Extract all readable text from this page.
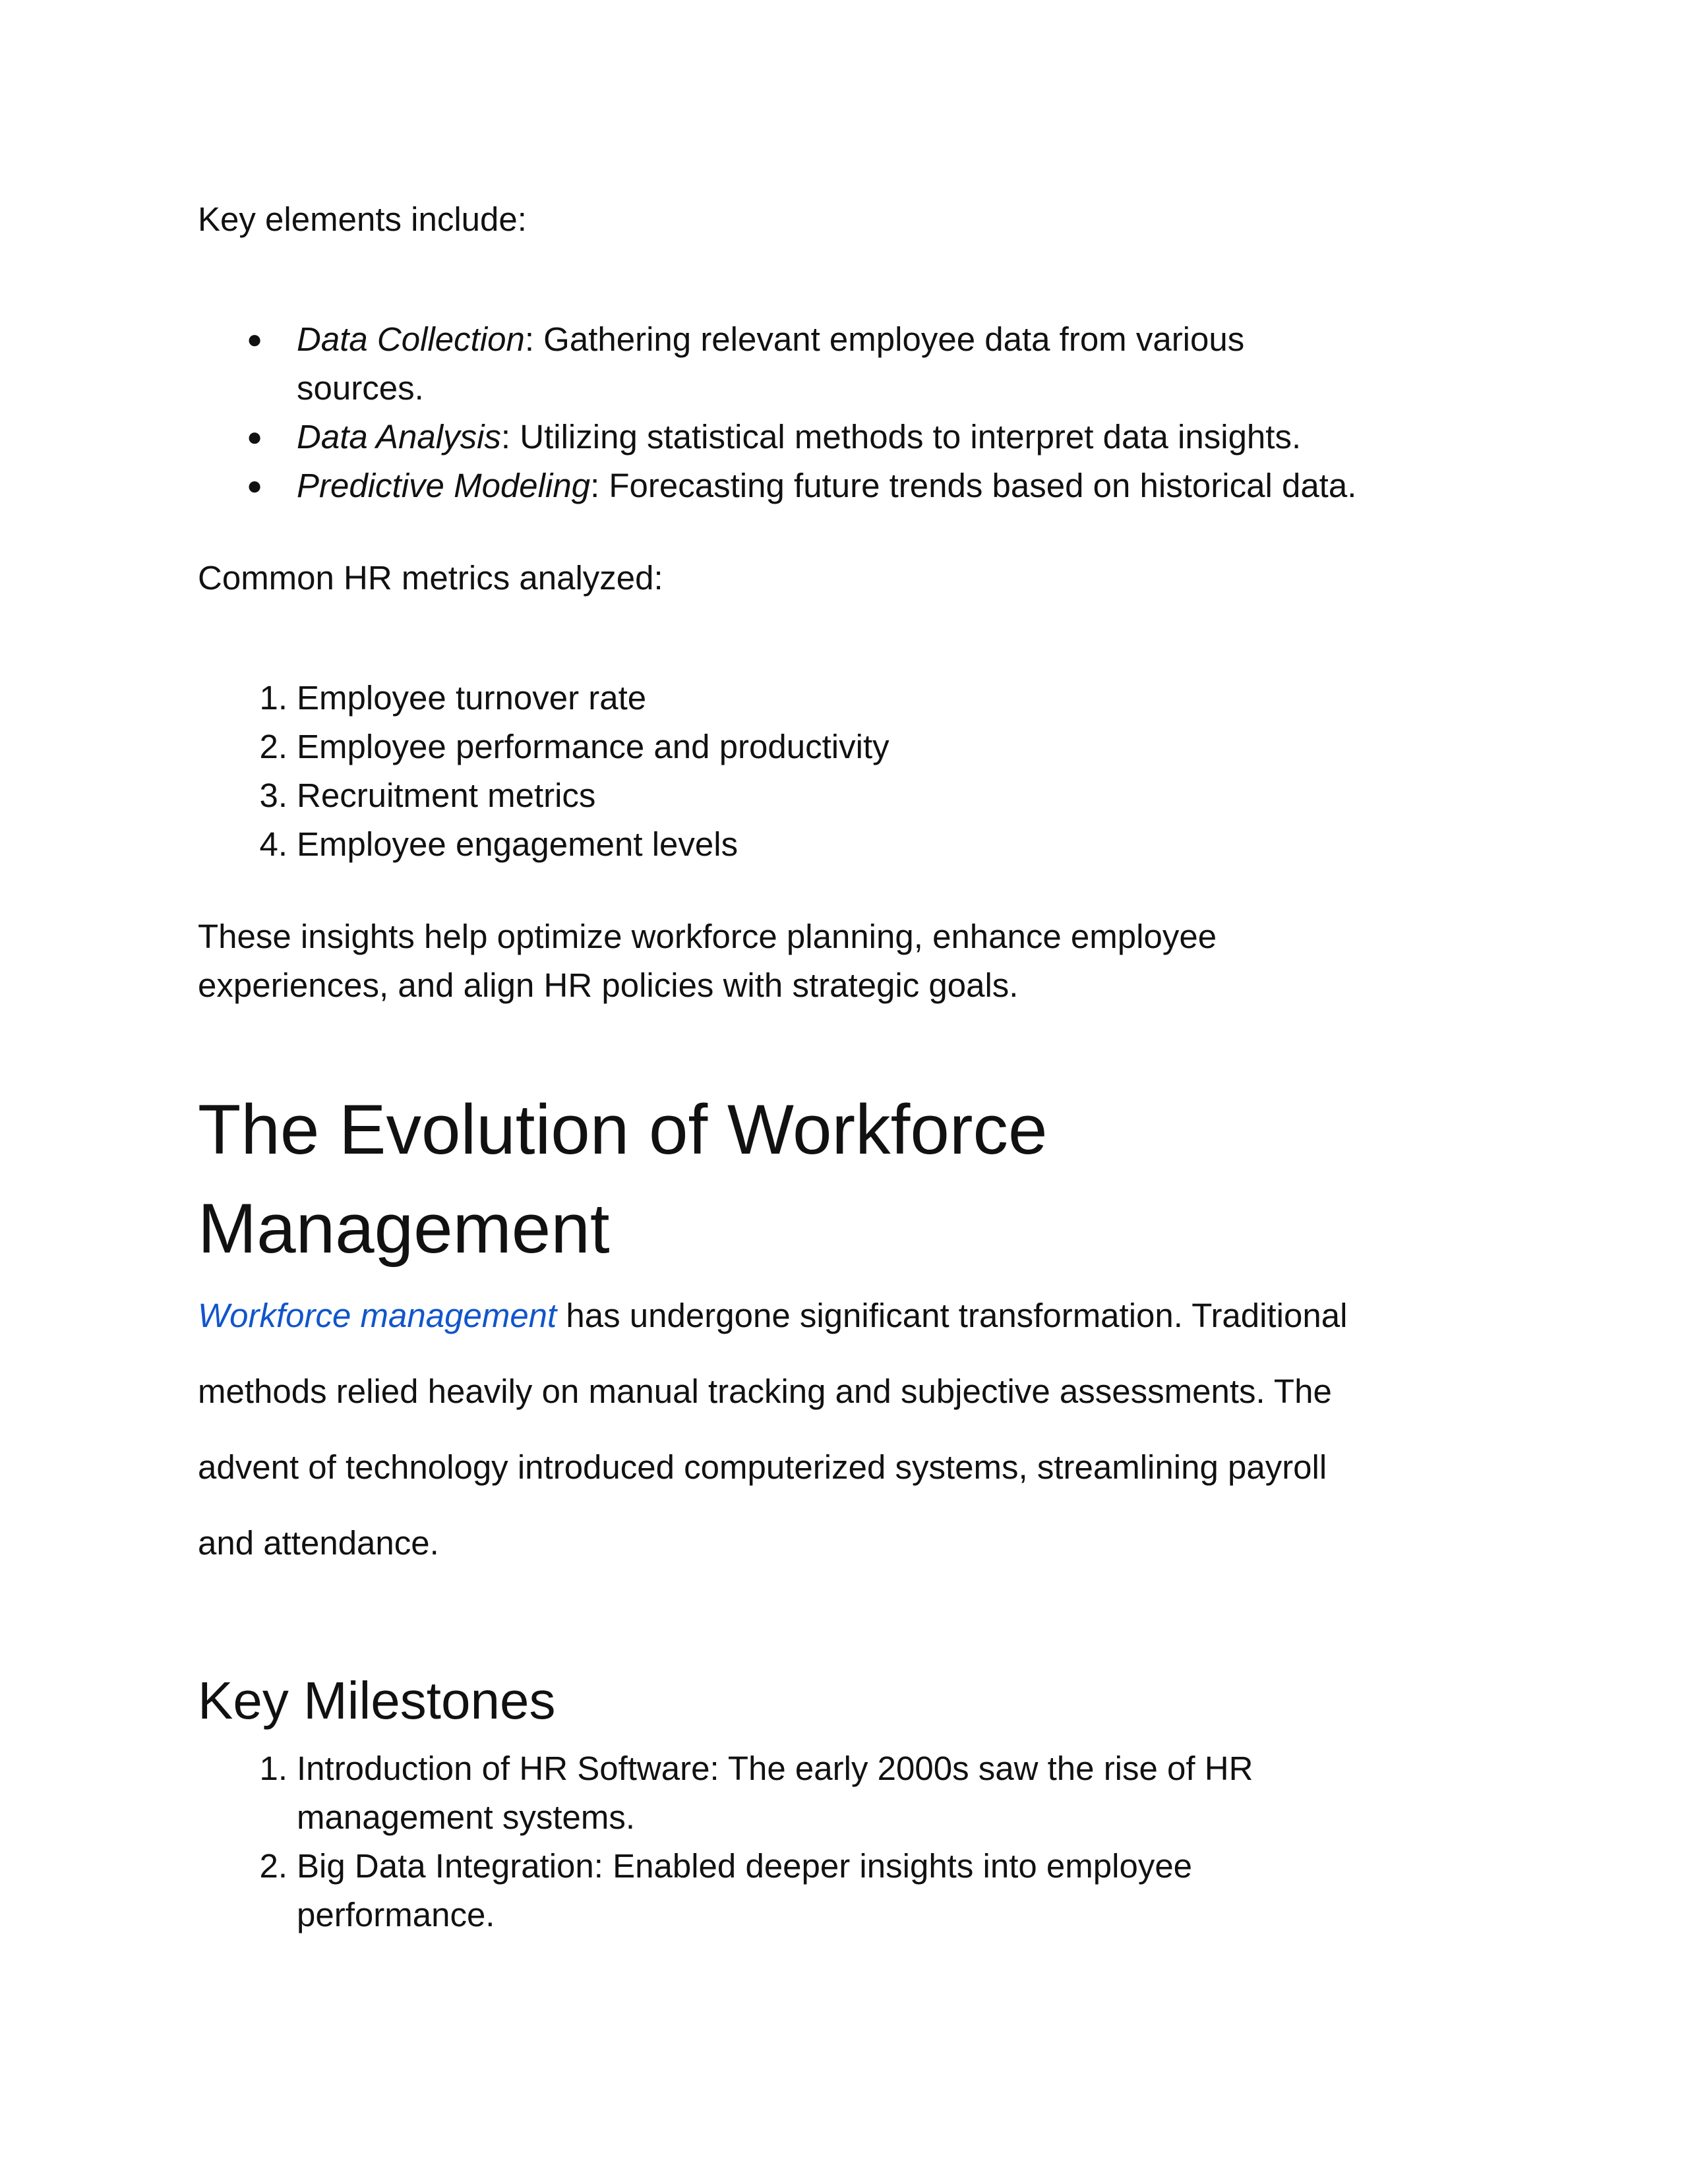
Key elements include:

● Data Collection: Gathering relevant employee data from various
sources.
● Data Analysis: Utilizing statistical methods to interpret data insights.
● Predictive Modeling: Forecasting future trends based on historical data.

Common HR metrics analyzed:

1. Employee turnover rate
2. Employee performance and productivity
3. Recruitment metrics
4. Employee engagement levels

These insights help optimize workforce planning, enhance employee
experiences, and align HR policies with strategic goals.

The Evolution of Workforce
Management

Workforce management has undergone significant transformation. Traditional
methods relied heavily on manual tracking and subjective assessments. The
advent of technology introduced computerized systems, streamlining payroll
and attendance.

Key Milestones
1. Introduction of HR Software: The early 2000s saw the rise of HR
management systems.
2. Big Data Integration: Enabled deeper insights into employee
performance.
